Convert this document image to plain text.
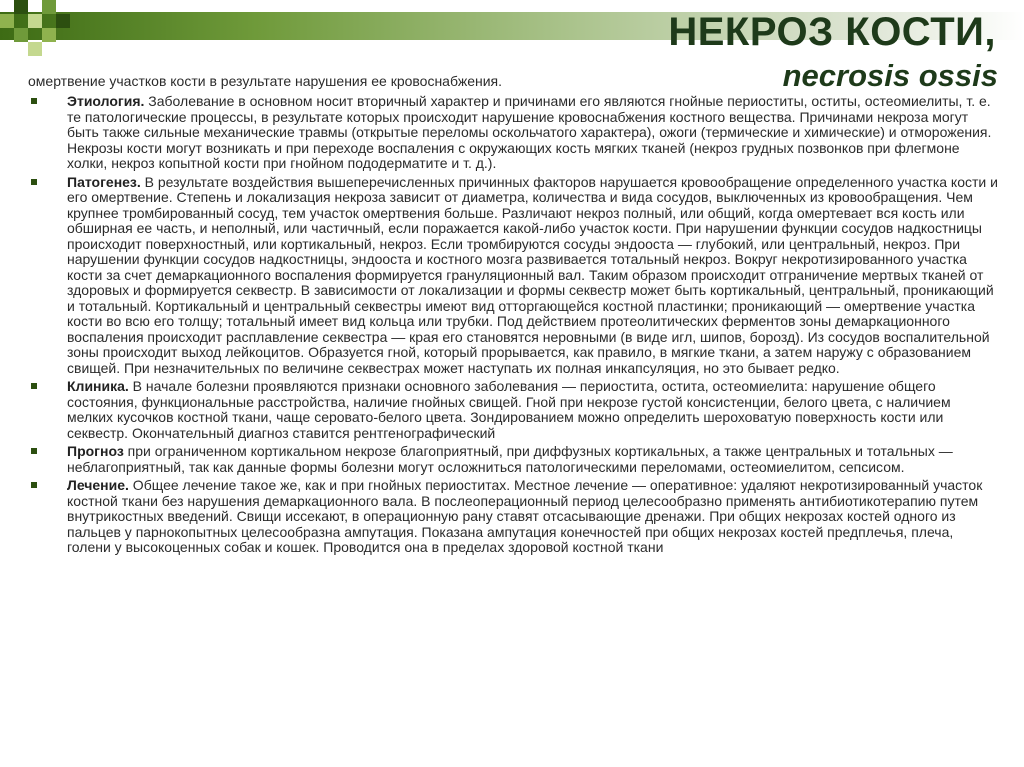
НЕКРОЗ КОСТИ,
necrosis ossis

омертвение участков кости в результате нарушения ее кровоснабжения.

Этиология. Заболевание в основном носит вторичный характер и причинами его являются гнойные периоститы, оститы, остеомиелиты, т. е. те патологические процессы, в результате которых происходит нарушение кровоснабжения костного вещества. Причинами некроза могут быть также сильные механические травмы (открытые переломы оскольчатого характера), ожоги (термические и химические) и отморожения. Некрозы кости могут возникать и при переходе воспаления с окружающих кость мягких тканей (некроз грудных позвонков при флегмоне холки, некроз копытной кости при гнойном пододерматите и т. д.).
Патогенез. В результате воздействия вышеперечисленных причинных факторов нарушается кровообращение определенного участка кости и его омертвение. Степень и локализация некроза зависит от диаметра, количества и вида сосудов, выключенных из кровообращения. Чем крупнее тромбированный сосуд, тем участок омертвения больше. Различают некроз полный, или общий, когда омертевает вся кость или обширная ее часть, и неполный, или частичный, если поражается какой-либо участок кости. При нарушении функции сосудов надкостницы происходит поверхностный, или кортикальный, некроз. Если тромбируются сосуды эндооста — глубокий, или центральный, некроз. При нарушении функции сосудов надкостницы, эндооста и костного мозга развивается тотальный некроз. Вокруг некротизированного участка кости за счет демаркационного воспаления формируется грануляционный вал. Таким образом происходит отграничение мертвых тканей от здоровых и формируется секвестр. В зависимости от локализации и формы секвестр может быть кортикальный, центральный, проникающий и тотальный. Кортикальный и центральный секвестры имеют вид отторгающейся костной пластинки; проникающий — омертвение участка кости во всю его толщу; тотальный имеет вид кольца или трубки. Под действием протеолитических ферментов зоны демаркационного воспаления происходит расплавление секвестра — края его становятся неровными (в виде игл, шипов, борозд). Из сосудов воспалительной зоны происходит выход лейкоцитов. Образуется гной, который прорывается, как правило, в мягкие ткани, а затем наружу с образованием свищей. При незначительных по величине секвестрах может наступать их полная инкапсуляция, но это бывает редко.
Клиника. В начале болезни проявляются признаки основного заболевания — периостита, остита, остеомиелита: нарушение общего состояния, функциональные расстройства, наличие гнойных свищей. Гной при некрозе густой консистенции, белого цвета, с наличием мелких кусочков костной ткани, чаще серовато-белого цвета. Зондированием можно определить шероховатую поверхность кости или секвестр. Окончательный диагноз ставится рентгенографический
Прогноз при ограниченном кортикальном некрозе благоприятный, при диффузных кортикальных, а также центральных и тотальных — неблагоприятный, так как данные формы болезни могут осложниться патологическими переломами, остеомиелитом, сепсисом.
Лечение. Общее лечение такое же, как и при гнойных периоститах. Местное лечение — оперативное: удаляют некротизированный участок костной ткани без нарушения демаркационного вала. В послеоперационный период целесообразно применять антибиотикотерапию путем внутрикостных введений. Свищи иссекают, в операционную рану ставят отсасывающие дренажи. При общих некрозах костей одного из пальцев у парнокопытных целесообразна ампутация. Показана ампутация конечностей при общих некрозах костей предплечья, плеча, голени у высокоценных собак и кошек. Проводится она в пределах здоровой костной ткани
